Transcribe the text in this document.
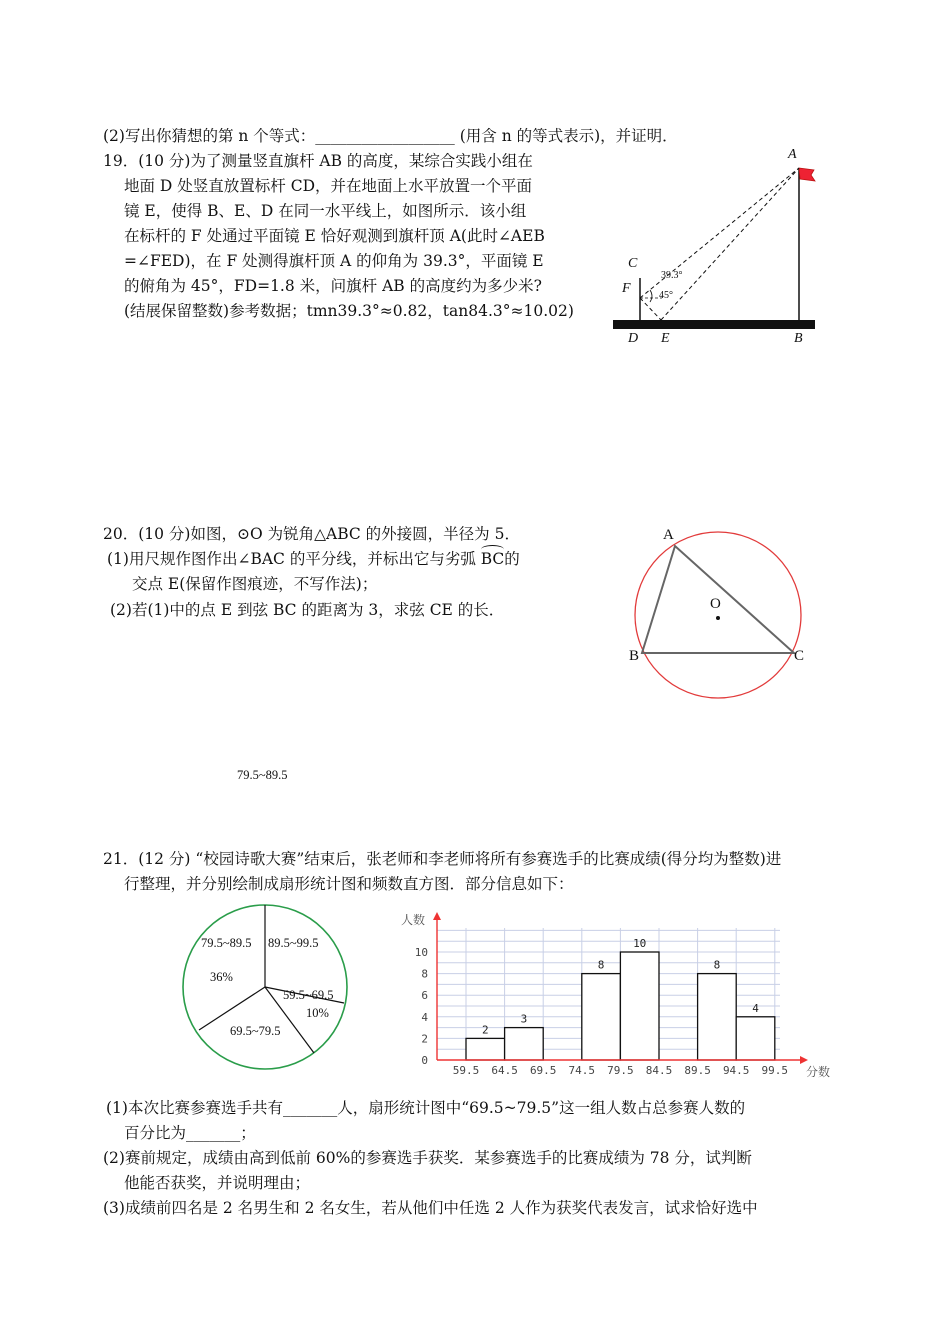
(2)写出你猜想的第 n 个等式：__________________ (用含 n 的等式表示)，并证明．
19．(10 分)为了测量竖直旗杆 AB 的高度，某综合实践小组在
地面 D 处竖直放置标杆 CD，并在地面上水平放置一个平面
镜 E，使得 B、E、D 在同一水平线上，如图所示．该小组
在标杆的 F 处通过平面镜 E 恰好观测到旗杆顶 A(此时∠AEB
=∠FED)，在 F 处测得旗杆顶 A 的仰角为 39.3°，平面镜 E
的俯角为 45°，FD=1.8 米，问旗杆 AB 的高度约为多少米?
(结展保留整数)参考数据；tmn39.3°≈0.82，tan84.3°≈10.02)
A
C
F
D E	B
39.3°
45°
20．(10 分)如图，⊙O 为锐角△ABC 的外接圆，半径为 5．
(1)用尺规作图作出∠BAC 的平分线，并标出它与劣弧 BC的
交点 E(保留作图痕迹，不写作法)；
(2)若(1)中的点 E 到弦 BC 的距离为 3，求弦 CE 的长．
A
O
B	C
79.5~89.5
21．(12 分) “校园诗歌大赛”结束后，张老师和李老师将所有参赛选手的比赛成绩(得分均为整数)进
行整理，并分别绘制成扇形统计图和频数直方图．部分信息如下：
79.5~89.5
36%
89.5~99.5
59.5~69.5
10%
69.5~79.5
59.5 64.5 69.5 74.5 79.5 84.5 89.5 94.5 99.5
0
2
4
6
8
10
2
3
8
10
8
4
人数
分数
(1)本次比赛参赛选手共有_______人，扇形统计图中“69.5~79.5”这一组人数占总参赛人数的
百分比为_______；
(2)赛前规定，成绩由高到低前 60%的参赛选手获奖．某参赛选手的比赛成绩为 78 分，试判断
他能否获奖，并说明理由；
(3)成绩前四名是 2 名男生和 2 名女生，若从他们中任选 2 人作为获奖代表发言，试求恰好选中
